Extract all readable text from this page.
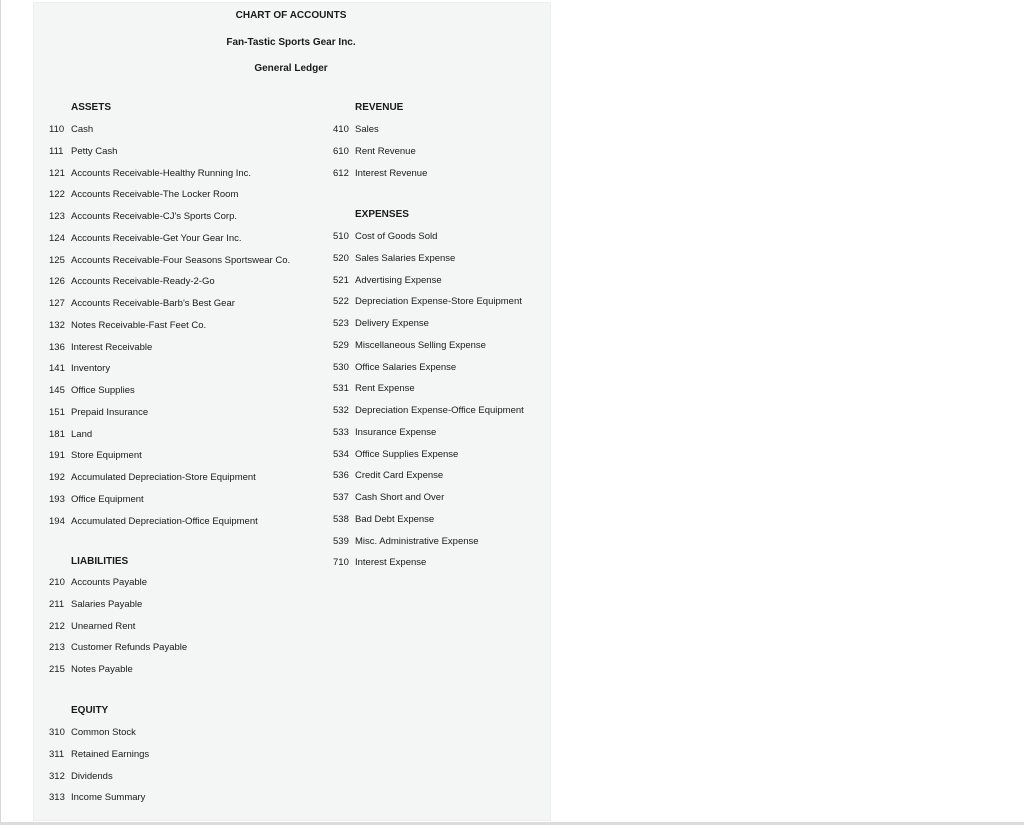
CHART OF ACCOUNTS
Fan-Tastic Sports Gear Inc.
General Ledger
ASSETS
110 Cash
111 Petty Cash
121 Accounts Receivable-Healthy Running Inc.
122 Accounts Receivable-The Locker Room
123 Accounts Receivable-CJ's Sports Corp.
124 Accounts Receivable-Get Your Gear Inc.
125 Accounts Receivable-Four Seasons Sportswear Co.
126 Accounts Receivable-Ready-2-Go
127 Accounts Receivable-Barb's Best Gear
132 Notes Receivable-Fast Feet Co.
136 Interest Receivable
141 Inventory
145 Office Supplies
151 Prepaid Insurance
181 Land
191 Store Equipment
192 Accumulated Depreciation-Store Equipment
193 Office Equipment
194 Accumulated Depreciation-Office Equipment
LIABILITIES
210 Accounts Payable
211 Salaries Payable
212 Unearned Rent
213 Customer Refunds Payable
215 Notes Payable
EQUITY
310 Common Stock
311 Retained Earnings
312 Dividends
313 Income Summary
REVENUE
410 Sales
610 Rent Revenue
612 Interest Revenue
EXPENSES
510 Cost of Goods Sold
520 Sales Salaries Expense
521 Advertising Expense
522 Depreciation Expense-Store Equipment
523 Delivery Expense
529 Miscellaneous Selling Expense
530 Office Salaries Expense
531 Rent Expense
532 Depreciation Expense-Office Equipment
533 Insurance Expense
534 Office Supplies Expense
536 Credit Card Expense
537 Cash Short and Over
538 Bad Debt Expense
539 Misc. Administrative Expense
710 Interest Expense
